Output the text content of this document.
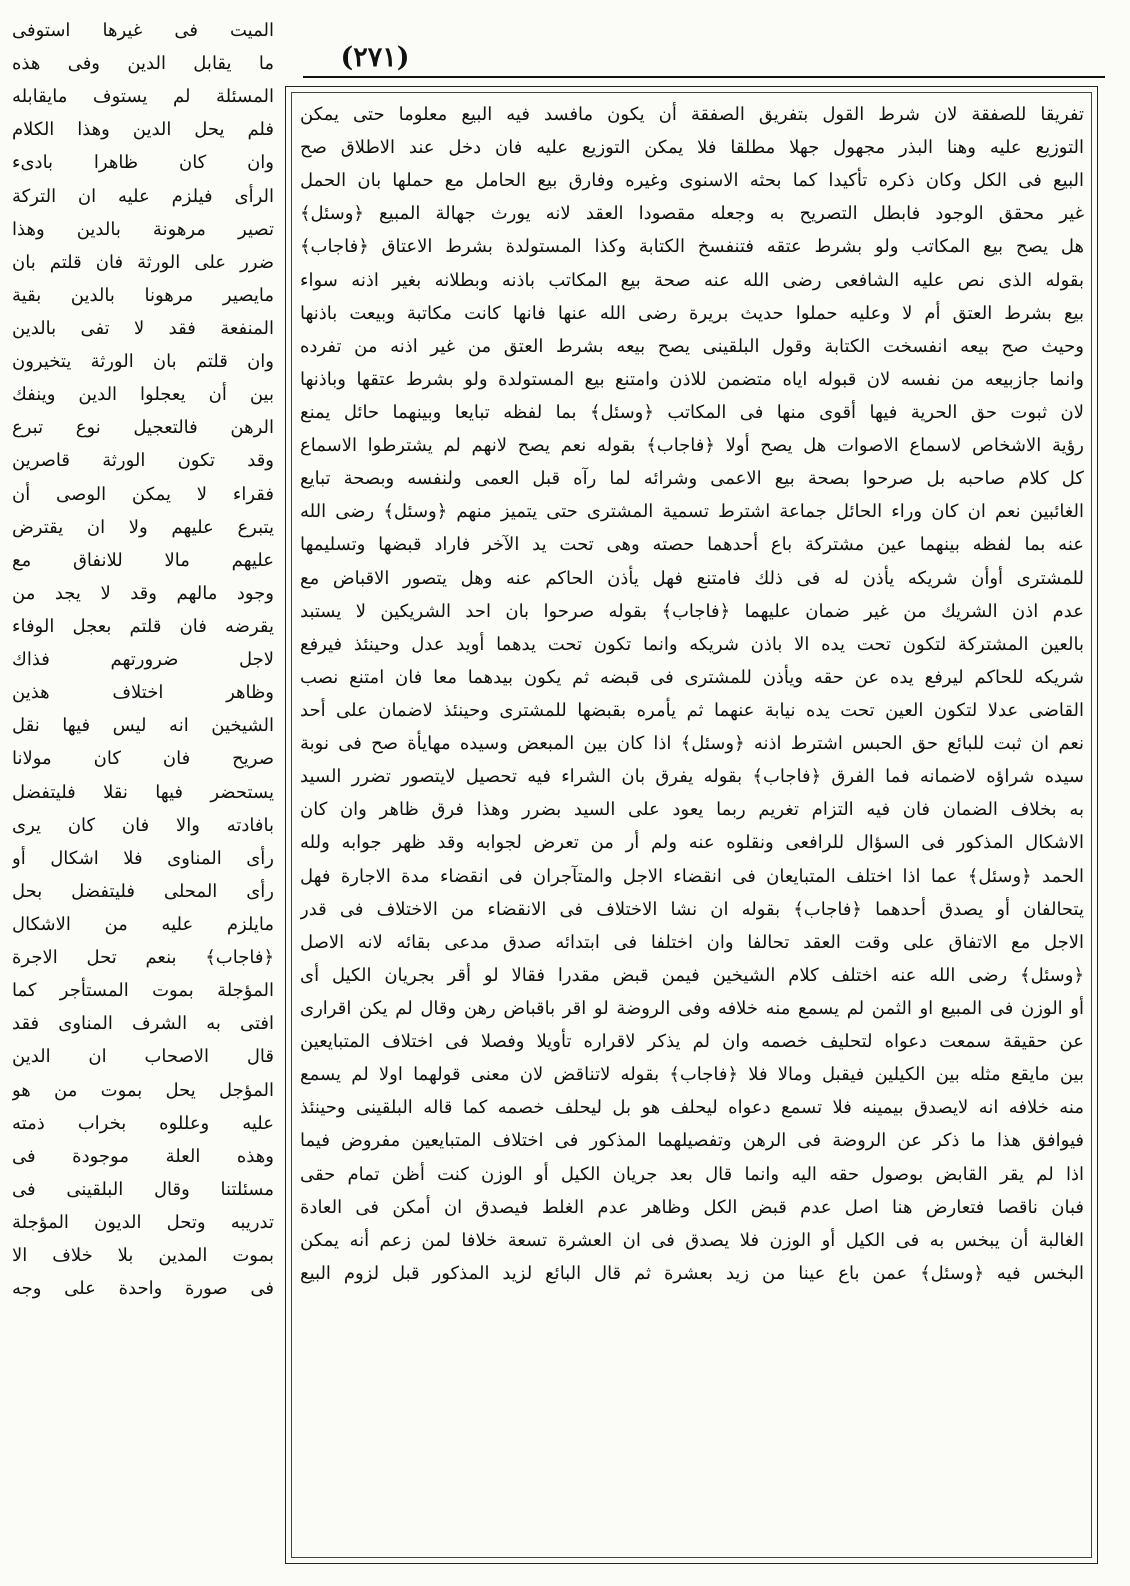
(٢٧١)
تفريقا للصفقة لان شرط القول بتفريق الصفقة أن يكون مافسد فيه البيع معلوما حتى يمكن
التوزيع عليه وهنا البذر مجهول جهلا مطلقا فلا يمكن التوزيع عليه فان دخل عند الاطلاق صح
البيع فى الكل وكان ذكره تأكيدا كما بحثه الاسنوى وغيره وفارق بيع الحامل مع حملها بان الحمل
غير محقق الوجود فابطل التصريح به وجعله مقصودا العقد لانه يورث جهالة المبيع ﴿وسئل﴾
هل يصح بيع المكاتب ولو بشرط عتقه فتنفسخ الكتابة وكذا المستولدة بشرط الاعتاق ﴿فاجاب﴾
بقوله الذى نص عليه الشافعى رضى الله عنه صحة بيع المكاتب باذنه وبطلانه بغير اذنه سواء
بيع بشرط العتق أم لا وعليه حملوا حديث بريرة رضى الله عنها فانها كانت مكاتبة وبيعت باذنها
وحيث صح بيعه انفسخت الكتابة وقول البلقينى يصح بيعه بشرط العتق من غير اذنه من تفرده
وانما جازبيعه من نفسه لان قبوله اياه متضمن للاذن وامتنع بيع المستولدة ولو بشرط عتقها وباذنها
لان ثبوت حق الحرية فيها أقوى منها فى المكاتب ﴿وسئل﴾ بما لفظه تبايعا وبينهما حائل يمنع
رؤية الاشخاص لاسماع الاصوات هل يصح أولا ﴿فاجاب﴾ بقوله نعم يصح لانهم لم يشترطوا الاسماع
كل كلام صاحبه بل صرحوا بصحة بيع الاعمى وشرائه لما رآه قبل العمى ولنفسه وبصحة تبايع
الغائبين نعم ان كان وراء الحائل جماعة اشترط تسمية المشترى حتى يتميز منهم ﴿وسئل﴾ رضى الله
عنه بما لفظه بينهما عين مشتركة باع أحدهما حصته وهى تحت يد الآخر فاراد قبضها وتسليمها
للمشترى أوأن شريكه يأذن له فى ذلك فامتنع فهل يأذن الحاكم عنه وهل يتصور الاقباض مع
عدم اذن الشريك من غير ضمان عليهما ﴿فاجاب﴾ بقوله صرحوا بان احد الشريكين لا يستبد
بالعين المشتركة لتكون تحت يده الا باذن شريكه وانما تكون تحت يدهما أويد عدل وحينئذ فيرفع
شريكه للحاكم ليرفع يده عن حقه ويأذن للمشترى فى قبضه ثم يكون بيدهما معا فان امتنع نصب
القاضى عدلا لتكون العين تحت يده نيابة عنهما ثم يأمره بقبضها للمشترى وحينئذ لاضمان على أحد
نعم ان ثبت للبائع حق الحبس اشترط اذنه ﴿وسئل﴾ اذا كان بين المبعض وسيده مهايأة صح فى نوبة
سيده شراؤه لاضمانه فما الفرق ﴿فاجاب﴾ بقوله يفرق بان الشراء فيه تحصيل لايتصور تضرر السيد
به بخلاف الضمان فان فيه التزام تغريم ربما يعود على السيد بضرر وهذا فرق ظاهر وان كان
الاشكال المذكور فى السؤال للرافعى ونقلوه عنه ولم أر من تعرض لجوابه وقد ظهر جوابه ولله
الحمد ﴿وسئل﴾ عما اذا اختلف المتبايعان فى انقضاء الاجل والمتآجران فى انقضاء مدة الاجارة فهل
يتحالفان أو يصدق أحدهما ﴿فاجاب﴾ بقوله ان نشا الاختلاف فى الانقضاء من الاختلاف فى قدر
الاجل مع الاتفاق على وقت العقد تحالفا وان اختلفا فى ابتدائه صدق مدعى بقائه لانه الاصل
﴿وسئل﴾ رضى الله عنه اختلف كلام الشيخين فيمن قبض مقدرا فقالا لو أقر بجريان الكيل أى
أو الوزن فى المبيع او الثمن لم يسمع منه خلافه وفى الروضة لو اقر باقباض رهن وقال لم يكن اقرارى
عن حقيقة سمعت دعواه لتحليف خصمه وان لم يذكر لاقراره تأويلا وفصلا فى اختلاف المتبايعين
بين مايقع مثله بين الكيلين فيقبل ومالا فلا ﴿فاجاب﴾ بقوله لاتناقض لان معنى قولهما اولا لم يسمع
منه خلافه انه لايصدق بيمينه فلا تسمع دعواه ليحلف هو بل ليحلف خصمه كما قاله البلقينى وحينئذ
فيوافق هذا ما ذكر عن الروضة فى الرهن وتفصيلهما المذكور فى اختلاف المتبايعين مفروض فيما
اذا لم يقر القابض بوصول حقه اليه وانما قال بعد جريان الكيل أو الوزن كنت أظن تمام حقى
فبان ناقصا فتعارض هنا اصل عدم قبض الكل وظاهر عدم الغلط فيصدق ان أمكن فى العادة
الغالبة أن يبخس به فى الكيل أو الوزن فلا يصدق فى ان العشرة تسعة خلافا لمن زعم أنه يمكن
البخس فيه ﴿وسئل﴾ عمن باع عينا من زيد بعشرة ثم قال البائع لزيد المذكور قبل لزوم البيع
الميت فى غيرها استوفى
ما يقابل الدين وفى هذه
المسئلة لم يستوف مايقابله
فلم يحل الدين وهذا الكلام
وان كان ظاهرا بادىء
الرأى فيلزم عليه ان التركة
تصير مرهونة بالدين وهذا
ضرر على الورثة فان قلتم بان
مايصير مرهونا بالدين بقية
المنفعة فقد لا تفى بالدين
وان قلتم بان الورثة يتخيرون
بين أن يعجلوا الدين وينفك
الرهن فالتعجيل نوع تبرع
وقد تكون الورثة قاصرين
فقراء لا يمكن الوصى أن
يتبرع عليهم ولا ان يقترض
عليهم مالا للانفاق مع
وجود مالهم وقد لا يجد من
يقرضه فان قلتم بعجل الوفاء
لاجل ضرورتهم فذاك
وظاهر اختلاف هذين
الشيخين انه ليس فيها نقل
صريح فان كان مولانا
يستحضر فيها نقلا فليتفضل
بافادته والا فان كان يرى
رأى المناوى فلا اشكال أو
رأى المحلى فليتفضل بحل
مايلزم عليه من الاشكال
﴿فاجاب﴾ بنعم تحل الاجرة
المؤجلة بموت المستأجر كما
افتى به الشرف المناوى فقد
قال الاصحاب ان الدين
المؤجل يحل بموت من هو
عليه وعللوه بخراب ذمته
وهذه العلة موجودة فى
مسئلتنا وقال البلقينى فى
تدريبه وتحل الديون المؤجلة
بموت المدين بلا خلاف الا
فى صورة واحدة على وجه
